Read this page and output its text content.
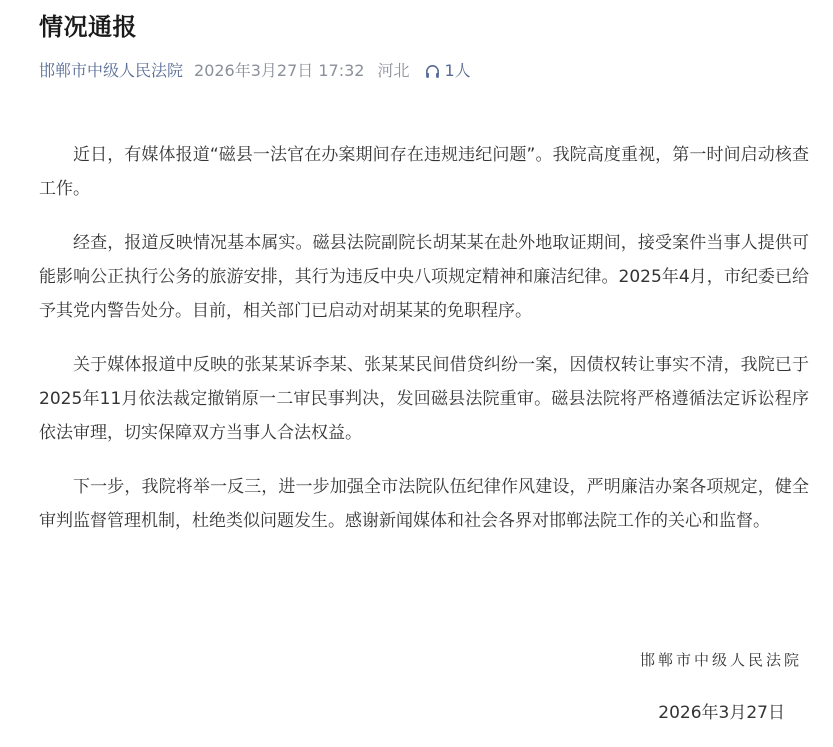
情况通报
邯郸市中级人民法院 2026年3月27日 17:32 河北 1人

近日，有媒体报道“磁县一法官在办案期间存在违规违纪问题”。我院高度重视，第一时间启动核查工作。

经查，报道反映情况基本属实。磁县法院副院长胡某某在赴外地取证期间，接受案件当事人提供可能影响公正执行公务的旅游安排，其行为违反中央八项规定精神和廉洁纪律。2025年4月，市纪委已给予其党内警告处分。目前，相关部门已启动对胡某某的免职程序。

关于媒体报道中反映的张某某诉李某、张某某民间借贷纠纷一案，因债权转让事实不清，我院已于2025年11月依法裁定撤销原一二审民事判决，发回磁县法院重审。磁县法院将严格遵循法定诉讼程序依法审理，切实保障双方当事人合法权益。

下一步，我院将举一反三，进一步加强全市法院队伍纪律作风建设，严明廉洁办案各项规定，健全审判监督管理机制，杜绝类似问题发生。感谢新闻媒体和社会各界对邯郸法院工作的关心和监督。

邯郸市中级人民法院
2026年3月27日
